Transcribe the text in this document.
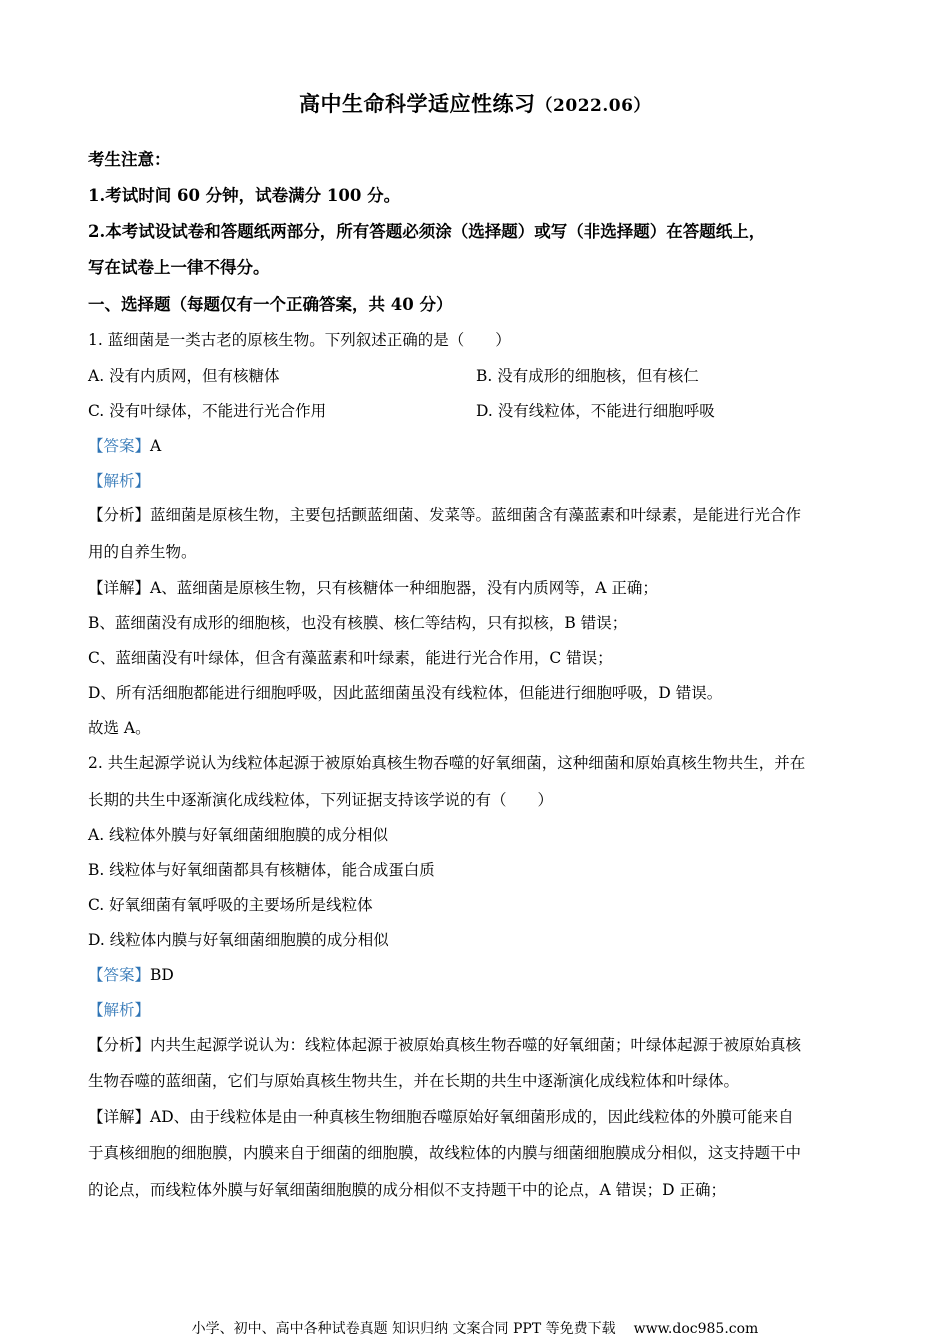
高中生命科学适应性练习（2022.06）
考生注意：
1.考试时间 60 分钟，试卷满分 100 分。
2.本考试设试卷和答题纸两部分，所有答题必须涂（选择题）或写（非选择题）在答题纸上，
写在试卷上一律不得分。
一、选择题（每题仅有一个正确答案，共 40 分）
1. 蓝细菌是一类古老的原核生物。下列叙述正确的是（　　）
A. 没有内质网，但有核糖体	B. 没有成形的细胞核，但有核仁
C. 没有叶绿体，不能进行光合作用	D. 没有线粒体，不能进行细胞呼吸
【答案】A
【解析】
【分析】蓝细菌是原核生物，主要包括颤蓝细菌、发菜等。蓝细菌含有藻蓝素和叶绿素，是能进行光合作
用的自养生物。
【详解】A、蓝细菌是原核生物，只有核糖体一种细胞器，没有内质网等，A 正确；
B、蓝细菌没有成形的细胞核，也没有核膜、核仁等结构，只有拟核，B 错误；
C、蓝细菌没有叶绿体，但含有藻蓝素和叶绿素，能进行光合作用，C 错误；
D、所有活细胞都能进行细胞呼吸，因此蓝细菌虽没有线粒体，但能进行细胞呼吸，D 错误。
故选 A。
2. 共生起源学说认为线粒体起源于被原始真核生物吞噬的好氧细菌，这种细菌和原始真核生物共生，并在
长期的共生中逐渐演化成线粒体，下列证据支持该学说的有（　　）
A. 线粒体外膜与好氧细菌细胞膜的成分相似
B. 线粒体与好氧细菌都具有核糖体，能合成蛋白质
C. 好氧细菌有氧呼吸的主要场所是线粒体
D. 线粒体内膜与好氧细菌细胞膜的成分相似
【答案】BD
【解析】
【分析】内共生起源学说认为：线粒体起源于被原始真核生物吞噬的好氧细菌；叶绿体起源于被原始真核
生物吞噬的蓝细菌，它们与原始真核生物共生，并在长期的共生中逐渐演化成线粒体和叶绿体。
【详解】AD、由于线粒体是由一种真核生物细胞吞噬原始好氧细菌形成的，因此线粒体的外膜可能来自
于真核细胞的细胞膜，内膜来自于细菌的细胞膜，故线粒体的内膜与细菌细胞膜成分相似，这支持题干中
的论点，而线粒体外膜与好氧细菌细胞膜的成分相似不支持题干中的论点，A 错误；D 正确；
小学、初中、高中各种试卷真题 知识归纳 文案合同 PPT 等免费下载 www.doc985.com
